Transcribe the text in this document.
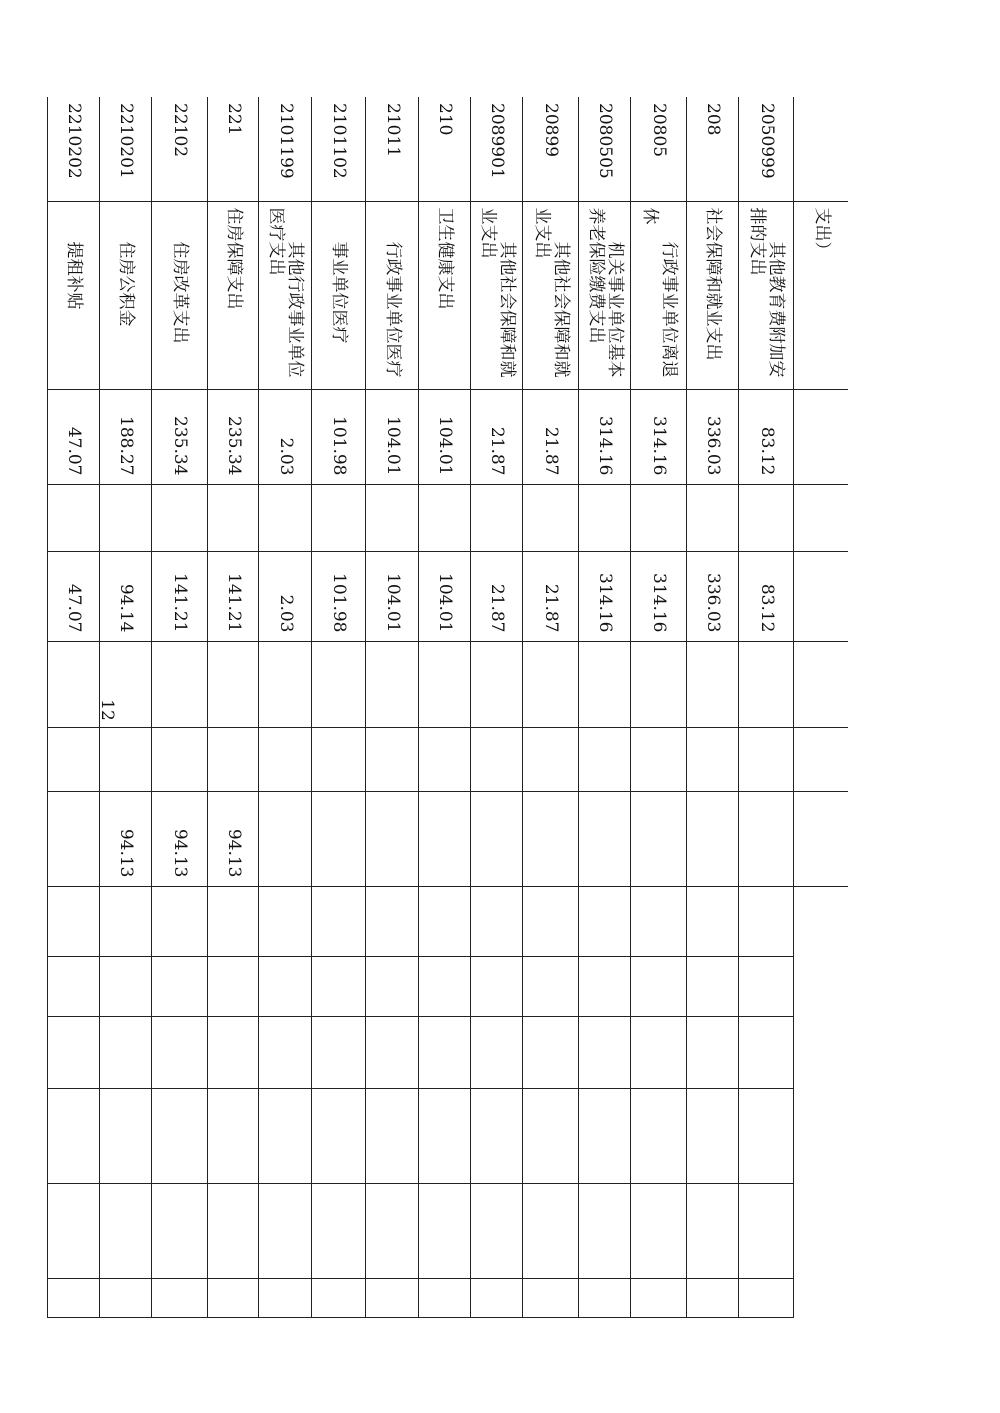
	支出）												
2050999	其他教育费附加安排的支出	83.12		83.12									
208	社会保障和就业支出	336.03		336.03									
20805	行政事业单位离退休	314.16		314.16									
2080505	机关事业单位基本养老保险缴费支出	314.16		314.16									
20899	其他社会保障和就业支出	21.87		21.87									
2089901	其他社会保障和就业支出	21.87		21.87									
210	卫生健康支出	104.01		104.01									
21011	行政事业单位医疗	104.01		104.01									
2101102	事业单位医疗	101.98		101.98									
2101199	其他行政事业单位医疗支出	2.03		2.03									
221	住房保障支出	235.34		141.21			94.13						
22102	住房改革支出	235.34		141.21			94.13						
2210201	住房公积金	188.27		94.14			94.13						
2210202	提租补贴	47.07		47.07									
12
